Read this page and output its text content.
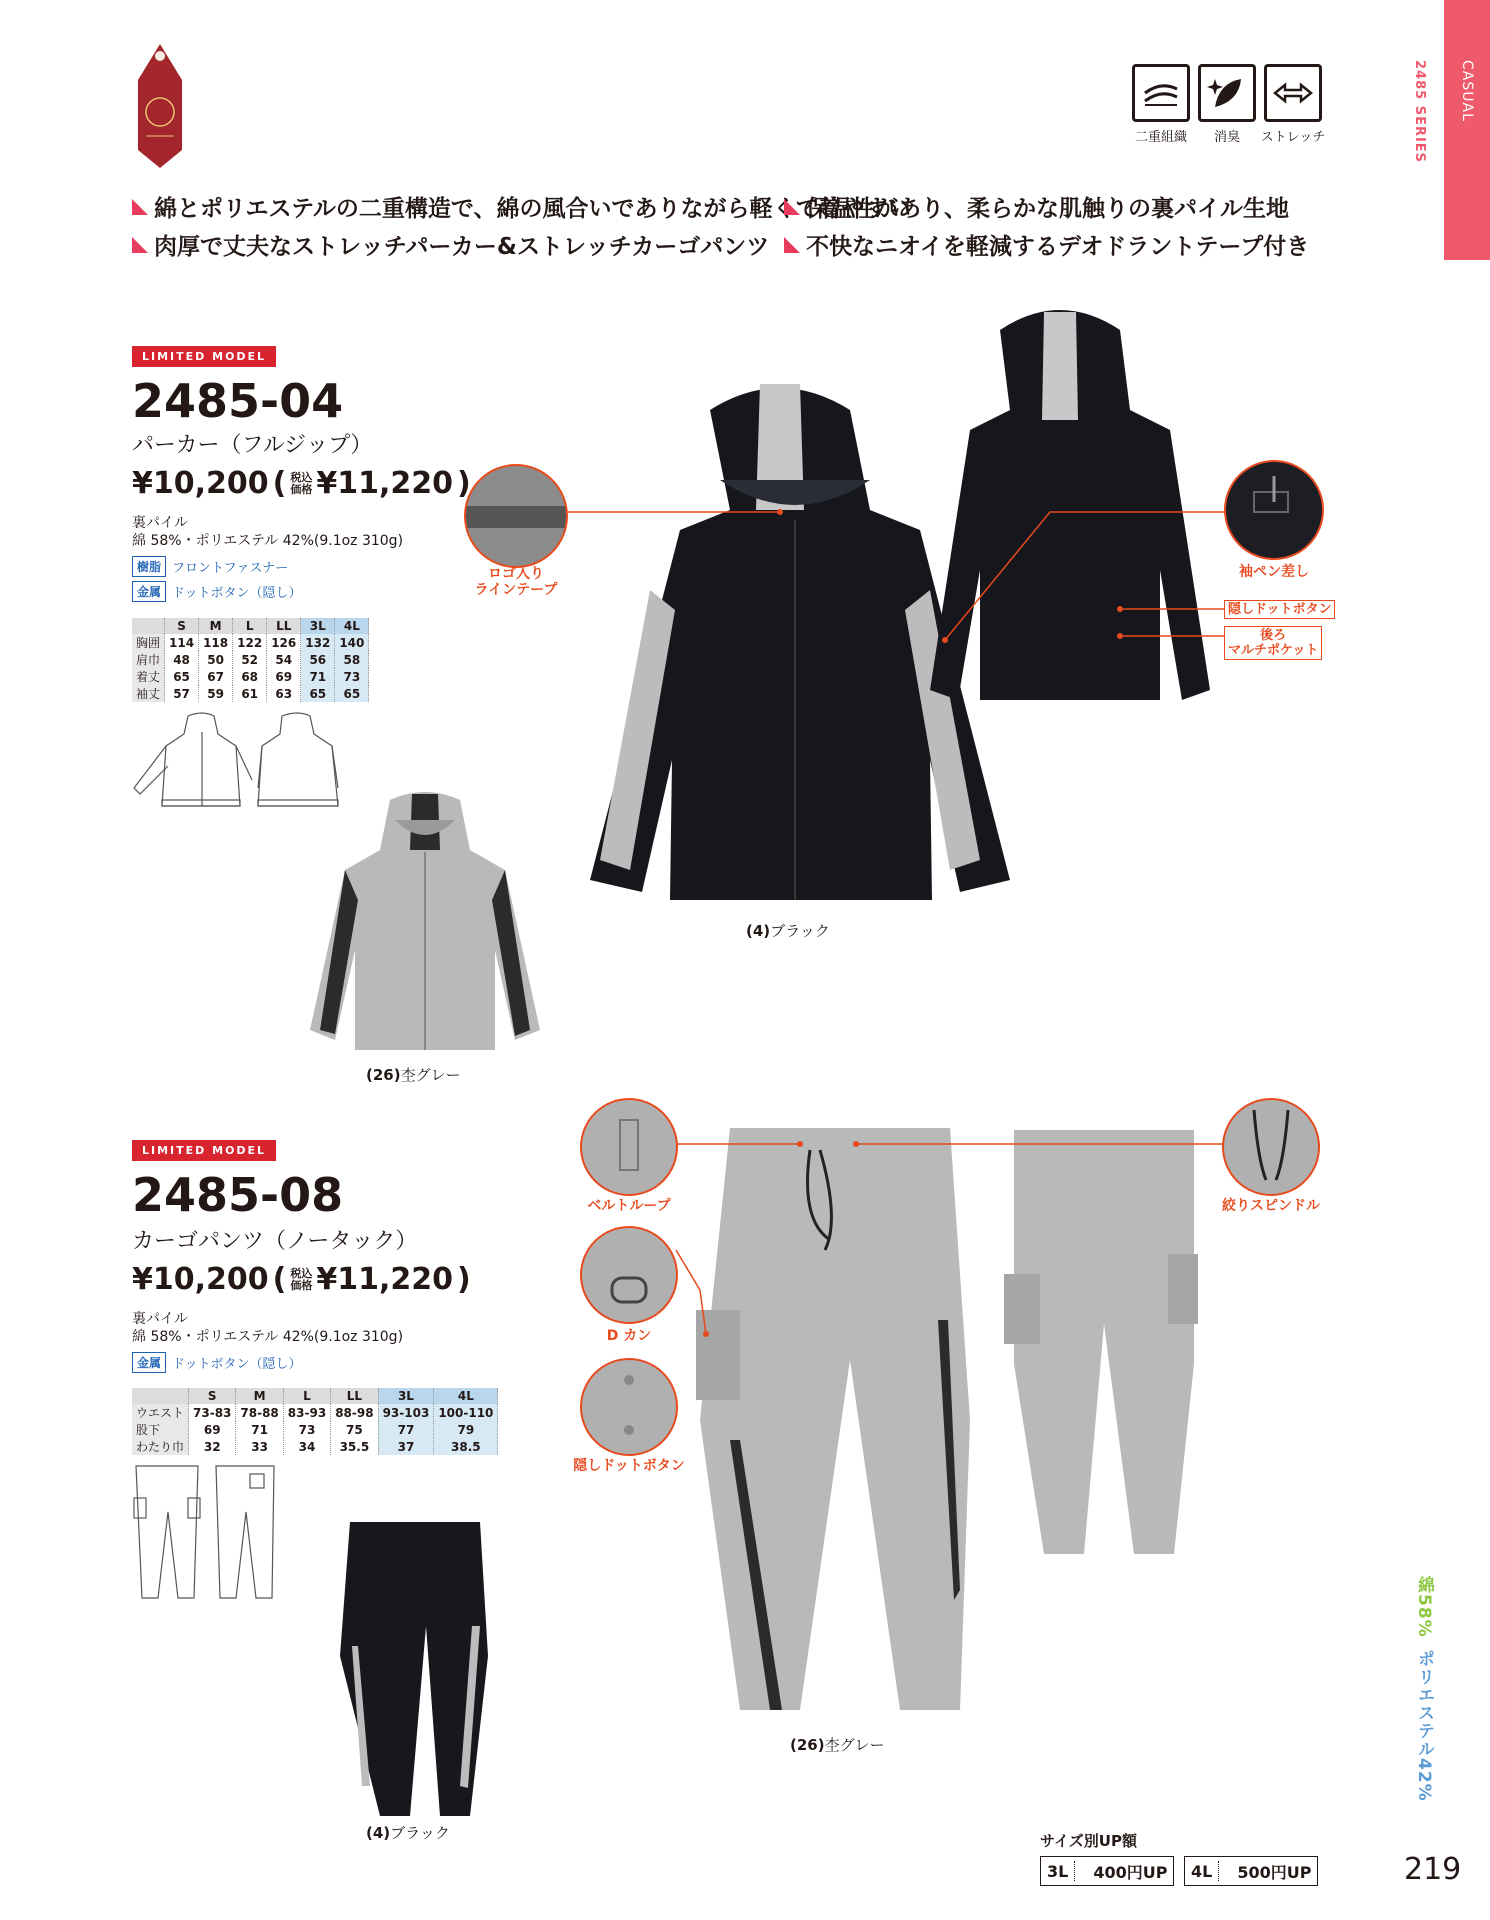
CASUAL
2485 SERIES
二重組織	消臭	ストレッチ
綿とポリエステルの二重構造で、綿の風合いでありながら軽くて着やすい
保温性があり、柔らかな肌触りの裏パイル生地
肉厚で丈夫なストレッチパーカー&ストレッチカーゴパンツ 不快なニオイを軽減するデオドラントテープ付き
LIMITED MODEL
2485-04
パーカー（フルジップ）
¥10,200 ( 税込
価格 ¥11,220 )
裏パイル
綿 58%・ポリエステル 42%(9.1oz 310g)
樹脂 フロントファスナー
金属 ドットボタン（隠し）
	S	M	L	LL	3L	4L
胸囲	114	118	122	126	132	140
肩巾	48	50	52	54	56	58
着丈	65	67	68	69	71	73
袖丈	57	59	61	63	65	65
(26)杢グレー
(4)ブラック
ロゴ入り
ラインテープ
袖ペン差し
隠しドットボタン
後ろ
マルチポケット
LIMITED MODEL
2485-08
カーゴパンツ（ノータック）
¥10,200 ( 税込
価格 ¥11,220 )
裏パイル
綿 58%・ポリエステル 42%(9.1oz 310g)
金属 ドットボタン（隠し）
	S	M	L	LL	3L	4L
ウエスト	73-83	78-88	83-93	88-98	93-103	100-110
股下	69	71	73	75	77	79
わたり巾	32	33	34	35.5	37	38.5
(4)ブラック
(26)杢グレー
ベルトループ
D カン
隠しドットボタン
絞りスピンドル
綿58%
ポリエステル42%
サイズ別UP額
3L	400円UP	4L	500円UP	219
